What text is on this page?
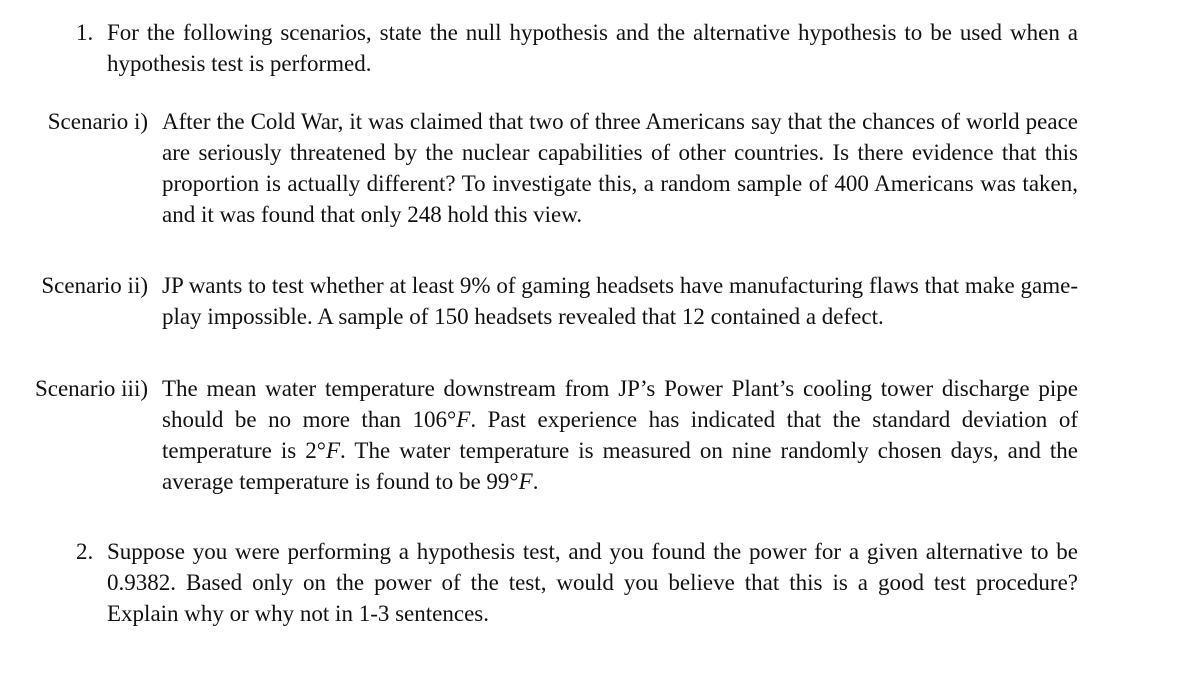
1. For the following scenarios, state the null hypothesis and the alternative hypothesis to be used when a hypothesis test is performed.
Scenario i) After the Cold War, it was claimed that two of three Americans say that the chances of world peace are seriously threatened by the nuclear capabilities of other countries. Is there evidence that this proportion is actually different? To investigate this, a random sample of 400 Americans was taken, and it was found that only 248 hold this view.
Scenario ii) JP wants to test whether at least 9% of gaming headsets have manufacturing flaws that make game-play impossible. A sample of 150 headsets revealed that 12 contained a defect.
Scenario iii) The mean water temperature downstream from JP’s Power Plant’s cooling tower discharge pipe should be no more than 106°F. Past experience has indicated that the standard deviation of temperature is 2°F. The water temperature is measured on nine randomly chosen days, and the average temperature is found to be 99°F.
2. Suppose you were performing a hypothesis test, and you found the power for a given alternative to be 0.9382. Based only on the power of the test, would you believe that this is a good test procedure? Explain why or why not in 1-3 sentences.
